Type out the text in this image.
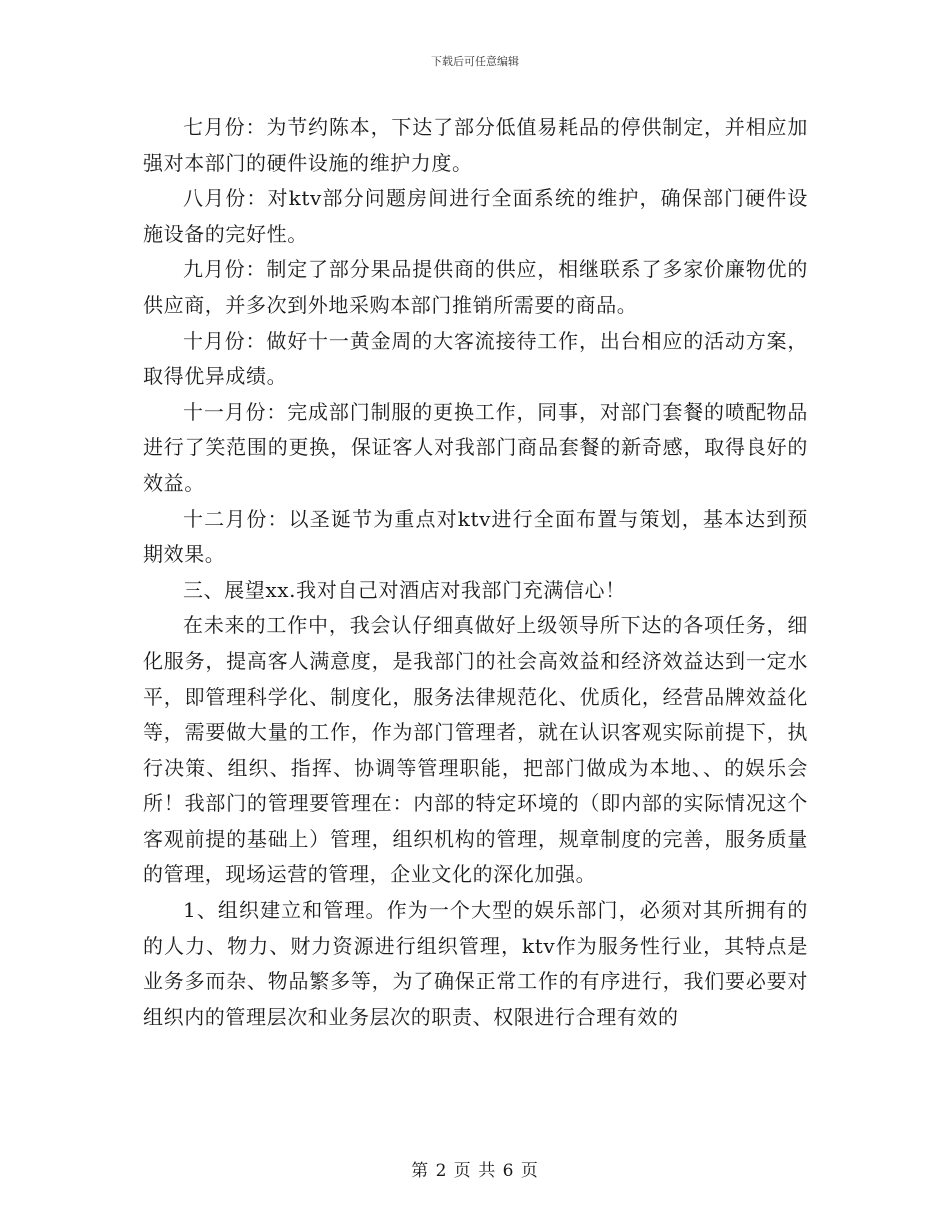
下载后可任意编辑

七月份：为节约陈本，下达了部分低值易耗品的停供制定，并相应加强对本部门的硬件设施的维护力度。

八月份：对ktv部分问题房间进行全面系统的维护，确保部门硬件设施设备的完好性。

九月份：制定了部分果品提供商的供应，相继联系了多家价廉物优的供应商，并多次到外地采购本部门推销所需要的商品。

十月份：做好十一黄金周的大客流接待工作，出台相应的活动方案，取得优异成绩。

十一月份：完成部门制服的更换工作，同事，对部门套餐的喷配物品进行了笑范围的更换，保证客人对我部门商品套餐的新奇感，取得良好的效益。

十二月份：以圣诞节为重点对ktv进行全面布置与策划，基本达到预期效果。

三、展望xx.我对自己对酒店对我部门充满信心！

在未来的工作中，我会认仔细真做好上级领导所下达的各项任务，细化服务，提高客人满意度，是我部门的社会高效益和经济效益达到一定水平，即管理科学化、制度化，服务法律规范化、优质化，经营品牌效益化等，需要做大量的工作，作为部门管理者，就在认识客观实际前提下，执行决策、组织、指挥、协调等管理职能，把部门做成为本地、、的娱乐会所！我部门的管理要管理在：内部的特定环境的（即内部的实际情况这个客观前提的基础上）管理，组织机构的管理，规章制度的完善，服务质量的管理，现场运营的管理，企业文化的深化加强。

1、组织建立和管理。作为一个大型的娱乐部门，必须对其所拥有的的人力、物力、财力资源进行组织管理，ktv作为服务性行业，其特点是业务多而杂、物品繁多等，为了确保正常工作的有序进行，我们要必要对组织内的管理层次和业务层次的职责、权限进行合理有效的

第 2 页 共 6 页
